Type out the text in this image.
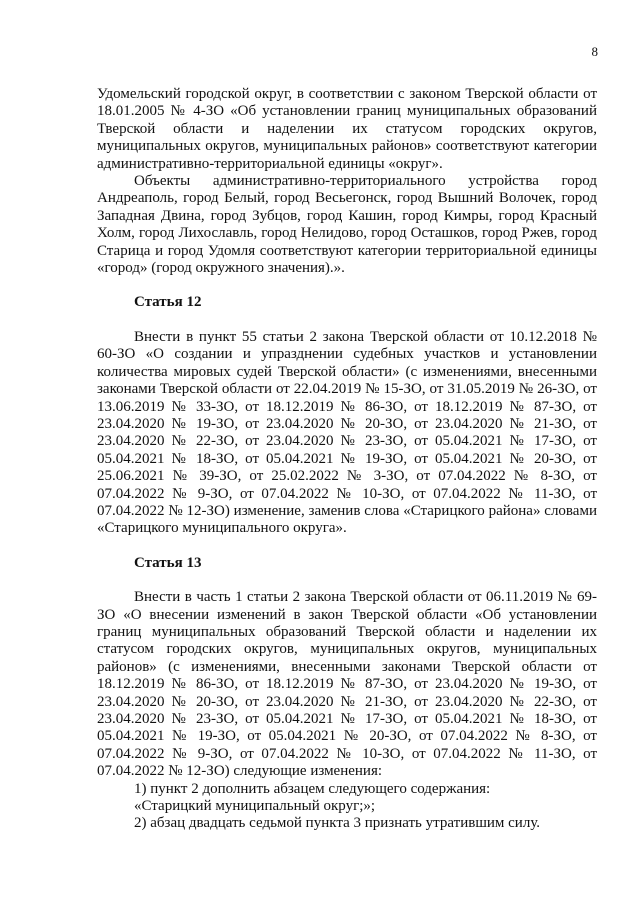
8

Удомельский городской округ, в соответствии с законом Тверской области от 18.01.2005 № 4-ЗО «Об установлении границ муниципальных образований Тверской области и наделении их статусом городских округов, муниципальных округов, муниципальных районов» соответствуют категории административно-территориальной единицы «округ».

Объекты административно-территориального устройства город Андреаполь, город Белый, город Весьегонск, город Вышний Волочек, город Западная Двина, город Зубцов, город Кашин, город Кимры, город Красный Холм, город Лихославль, город Нелидово, город Осташков, город Ржев, город Старица и город Удомля соответствуют категории территориальной единицы «город» (город окружного значения).».

Статья 12

Внести в пункт 55 статьи 2 закона Тверской области от 10.12.2018 № 60-ЗО «О создании и упразднении судебных участков и установлении количества мировых судей Тверской области» (с изменениями, внесенными законами Тверской области от 22.04.2019 № 15-ЗО, от 31.05.2019 № 26-ЗО, от 13.06.2019 № 33-ЗО, от 18.12.2019 № 86-ЗО, от 18.12.2019 № 87-ЗО, от 23.04.2020 № 19-ЗО, от 23.04.2020 № 20-ЗО, от 23.04.2020 № 21-ЗО, от 23.04.2020 № 22-ЗО, от 23.04.2020 № 23-ЗО, от 05.04.2021 № 17-ЗО, от 05.04.2021 № 18-ЗО, от 05.04.2021 № 19-ЗО, от 05.04.2021 № 20-ЗО, от 25.06.2021 № 39-ЗО, от 25.02.2022 № 3-ЗО, от 07.04.2022 № 8-ЗО, от 07.04.2022 № 9-ЗО, от 07.04.2022 № 10-ЗО, от 07.04.2022 № 11-ЗО, от 07.04.2022 № 12-ЗО) изменение, заменив слова «Старицкого района» словами «Старицкого муниципального округа».

Статья 13

Внести в часть 1 статьи 2 закона Тверской области от 06.11.2019 № 69-ЗО «О внесении изменений в закон Тверской области «Об установлении границ муниципальных образований Тверской области и наделении их статусом городских округов, муниципальных округов, муниципальных районов» (с изменениями, внесенными законами Тверской области от 18.12.2019 № 86-ЗО, от 18.12.2019 № 87-ЗО, от 23.04.2020 № 19-ЗО, от 23.04.2020 № 20-ЗО, от 23.04.2020 № 21-ЗО, от 23.04.2020 № 22-ЗО, от 23.04.2020 № 23-ЗО, от 05.04.2021 № 17-ЗО, от 05.04.2021 № 18-ЗО, от 05.04.2021 № 19-ЗО, от 05.04.2021 № 20-ЗО, от 07.04.2022 № 8-ЗО, от 07.04.2022 № 9-ЗО, от 07.04.2022 № 10-ЗО, от 07.04.2022 № 11-ЗО, от 07.04.2022 № 12-ЗО) следующие изменения:

1) пункт 2 дополнить абзацем следующего содержания:

«Старицкий муниципальный округ;»;

2) абзац двадцать седьмой пункта 3 признать утратившим силу.
